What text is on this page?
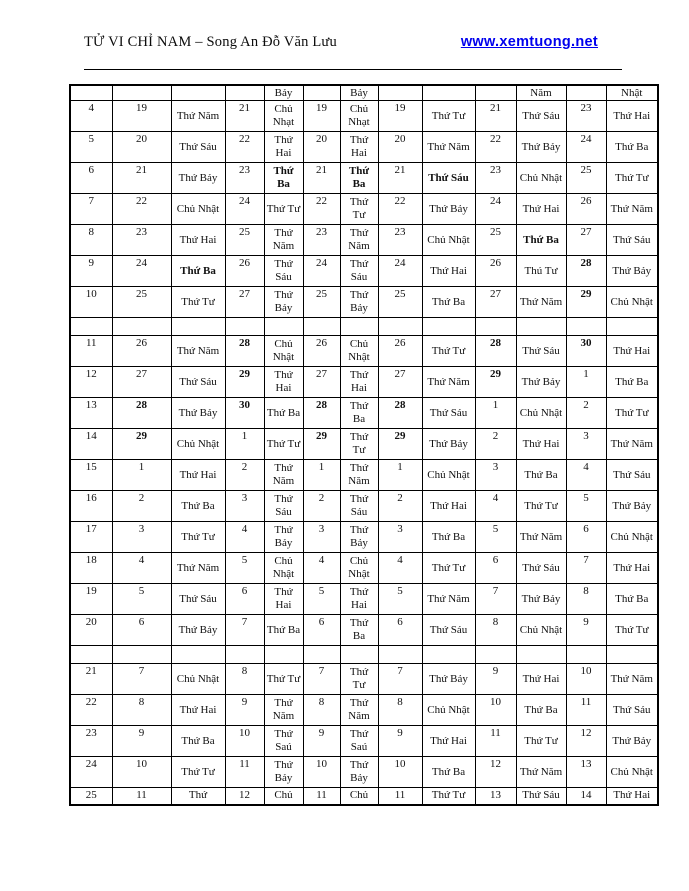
TỬ VI CHỈ NAM – Song An Đỗ Văn Lưu	www.xemtuong.net
				Bảy		Bảy				Năm		Nhật
4	19	Thứ Năm	21	Chủ Nhạt	19	Chủ Nhạt	19	Thứ Tư	21	Thứ Sáu	23	Thứ Hai
5	20	Thứ Sáu	22	Thứ Hai	20	Thứ Hai	20	Thứ Năm	22	Thứ Bảy	24	Thứ Ba
6	21	Thứ Bảy	23	Thứ Ba	21	Thứ Ba	21	Thứ Sáu	23	Chủ Nhật	25	Thứ Tư
7	22	Chủ Nhật	24	Thứ Tư	22	Thứ Tư	22	Thứ Bảy	24	Thứ Hai	26	Thứ Năm
8	23	Thứ Hai	25	Thứ Năm	23	Thứ Năm	23	Chủ Nhật	25	Thứ Ba	27	Thứ Sáu
9	24	Thứ Ba	26	Thứ Sáu	24	Thứ Sáu	24	Thứ Hai	26	Thú Tư	28	Thứ Bảy
10	25	Thứ Tư	27	Thứ Bảy	25	Thứ Bảy	25	Thứ Ba	27	Thứ Năm	29	Chủ Nhật

11	26	Thứ Năm	28	Chủ Nhật	26	Chủ Nhật	26	Thứ Tư	28	Thứ Sáu	30	Thứ Hai
12	27	Thứ Sáu	29	Thứ Hai	27	Thứ Hai	27	Thứ Năm	29	Thứ Bảy	1	Thứ Ba
13	28	Thứ Bảy	30	Thứ Ba	28	Thứ Ba	28	Thứ Sáu	1	Chủ Nhật	2	Thứ Tư
14	29	Chủ Nhật	1	Thứ Tư	29	Thứ Tư	29	Thứ Bảy	2	Thứ Hai	3	Thứ Năm
15	1	Thứ Hai	2	Thứ Năm	1	Thứ Năm	1	Chủ Nhật	3	Thứ Ba	4	Thứ Sáu
16	2	Thứ Ba	3	Thứ Sáu	2	Thứ Sáu	2	Thứ Hai	4	Thứ Tư	5	Thứ Bảy
17	3	Thứ Tư	4	Thứ Bảy	3	Thứ Bảy	3	Thứ Ba	5	Thứ Năm	6	Chủ Nhật
18	4	Thứ Năm	5	Chủ Nhật	4	Chủ Nhật	4	Thứ Tư	6	Thứ Sáu	7	Thứ Hai
19	5	Thứ Sáu	6	Thứ Hai	5	Thứ Hai	5	Thứ Năm	7	Thứ Bảy	8	Thứ Ba
20	6	Thứ Bảy	7	Thứ Ba	6	Thứ Ba	6	Thứ Sáu	8	Chủ Nhật	9	Thứ Tư

21	7	Chủ Nhật	8	Thứ Tư	7	Thứ Tư	7	Thứ Bảy	9	Thứ Hai	10	Thứ Năm
22	8	Thứ Hai	9	Thứ Năm	8	Thứ Năm	8	Chủ Nhật	10	Thứ Ba	11	Thứ Sáu
23	9	Thứ Ba	10	Thứ Saú	9	Thứ Saú	9	Thứ Hai	11	Thứ Tư	12	Thứ Bảy
24	10	Thứ Tư	11	Thứ Bảy	10	Thứ Bảy	10	Thứ Ba	12	Thứ Năm	13	Chủ Nhật
25	11	Thứ	12	Chủ	11	Chủ	11	Thứ Tư	13	Thứ Sáu	14	Thứ Hai
